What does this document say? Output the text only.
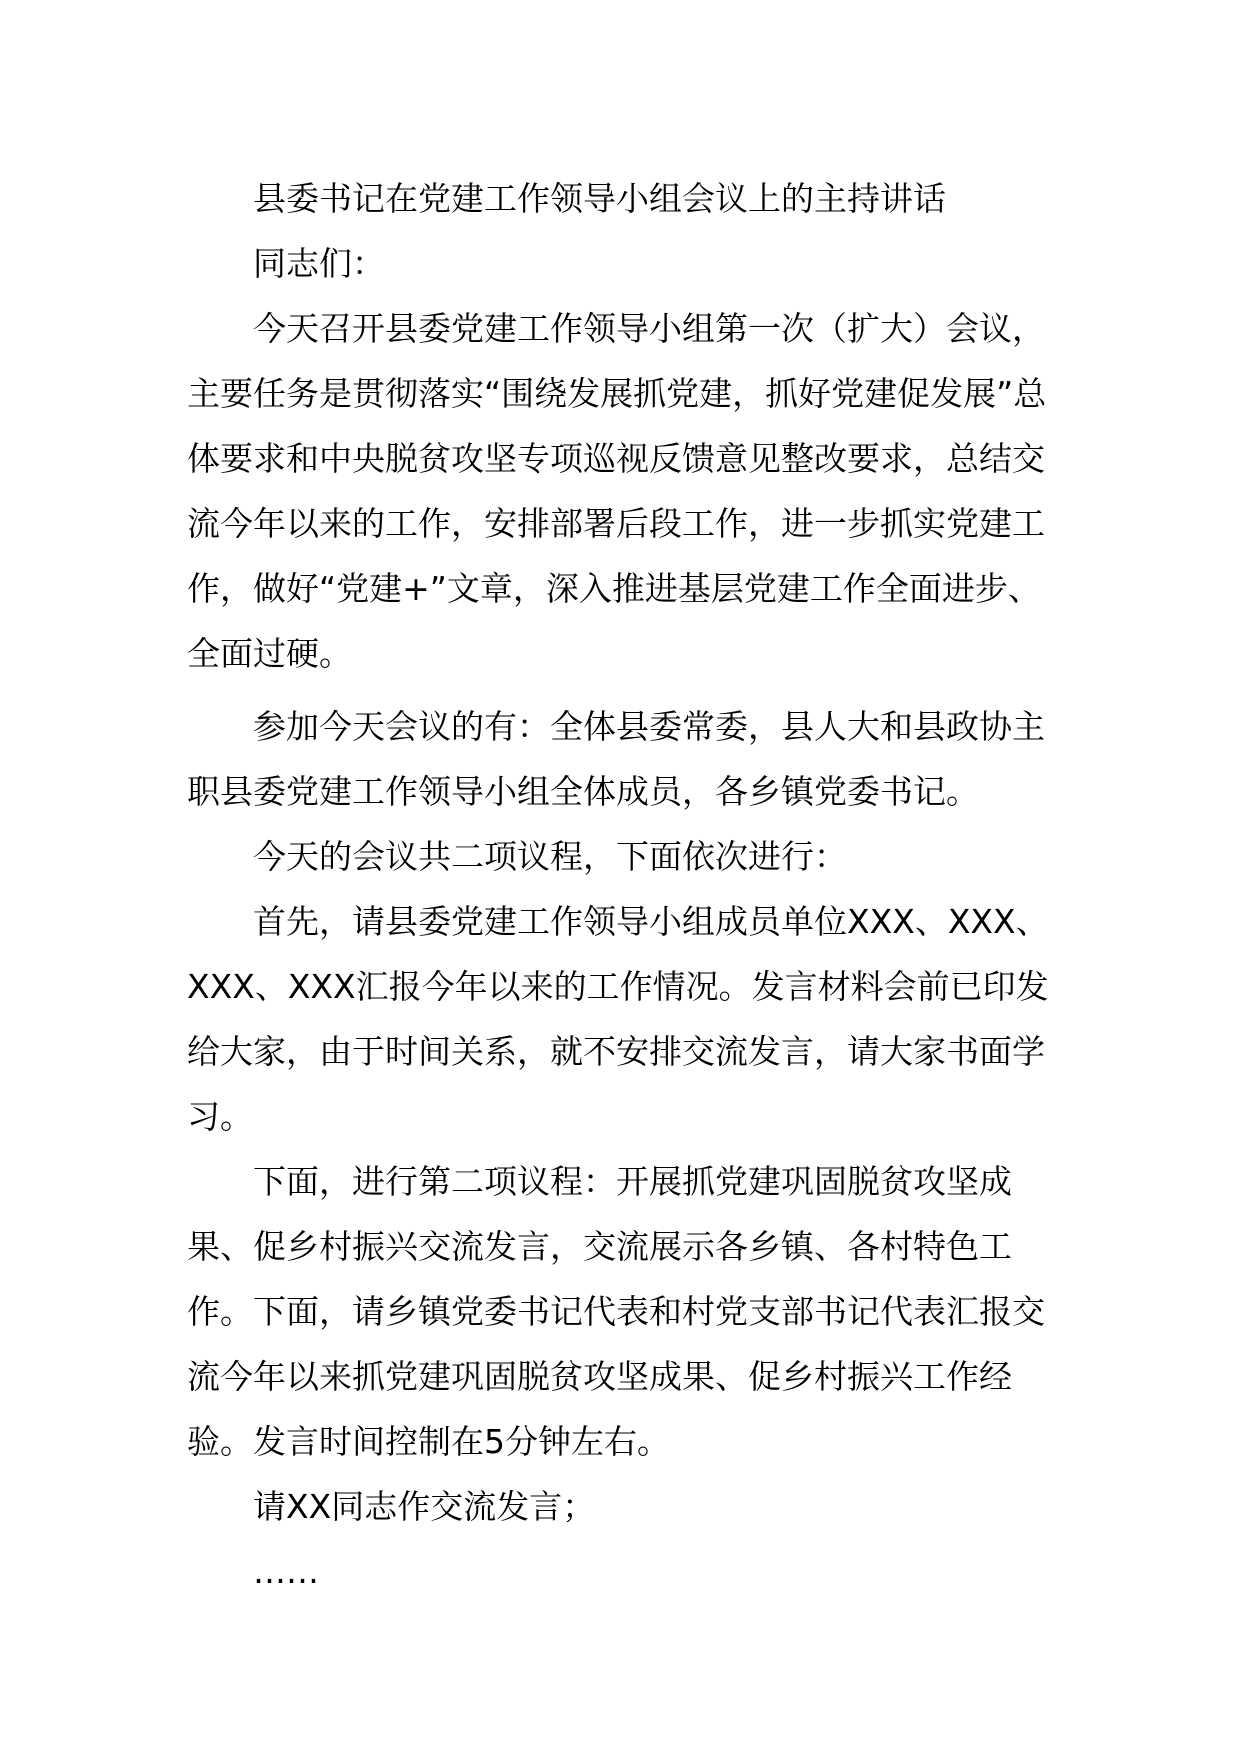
县委书记在党建工作领导小组会议上的主持讲话

同志们：

今天召开县委党建工作领导小组第一次（扩大）会议，主要任务是贯彻落实“围绕发展抓党建，抓好党建促发展”总体要求和中央脱贫攻坚专项巡视反馈意见整改要求，总结交流今年以来的工作，安排部署后段工作，进一步抓实党建工作，做好“党建+”文章，深入推进基层党建工作全面进步、全面过硬。

参加今天会议的有：全体县委常委，县人大和县政协主职县委党建工作领导小组全体成员，各乡镇党委书记。

今天的会议共二项议程，下面依次进行：

首先，请县委党建工作领导小组成员单位XXX、XXX、XXX、XXX汇报今年以来的工作情况。发言材料会前已印发给大家，由于时间关系，就不安排交流发言，请大家书面学习。

下面，进行第二项议程：开展抓党建巩固脱贫攻坚成果、促乡村振兴交流发言，交流展示各乡镇、各村特色工作。下面，请乡镇党委书记代表和村党支部书记代表汇报交流今年以来抓党建巩固脱贫攻坚成果、促乡村振兴工作经验。发言时间控制在5分钟左右。

请XX同志作交流发言；

……
